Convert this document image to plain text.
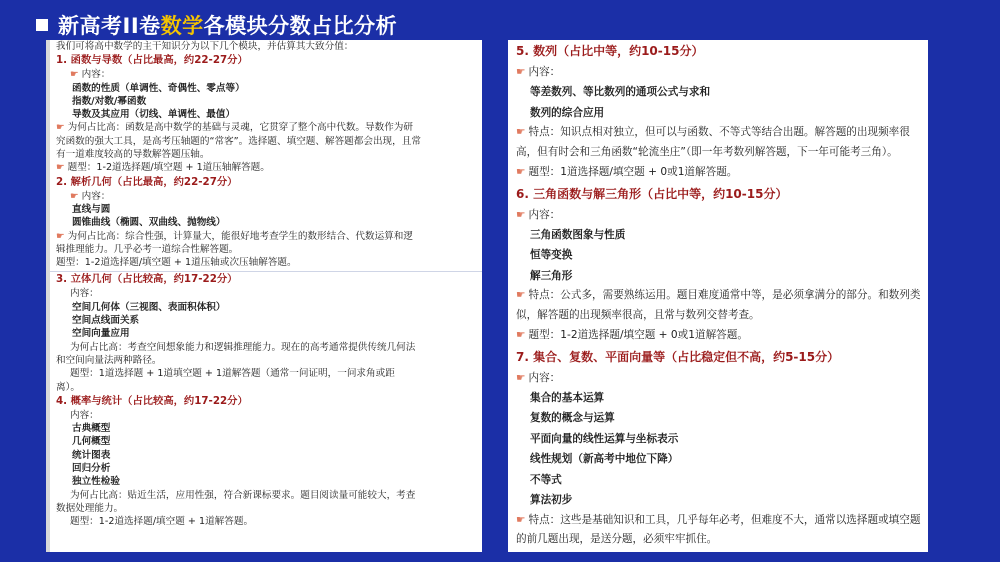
新高考II卷数学各模块分数占比分析
我们可将高中数学的主干知识分为以下几个模块，并估算其大致分值：
1. 函数与导数（占比最高，约22-27分）
☛ 内容：
函数的性质（单调性、奇偶性、零点等）
指数/对数/幂函数
导数及其应用（切线、单调性、最值）
☛ 为何占比高：函数是高中数学的基础与灵魂，它贯穿了整个高中代数。导数作为研
究函数的强大工具，是高考压轴题的“常客”。选择题、填空题、解答题都会出现，且常
有一道难度较高的导数解答题压轴。
☛ 题型：1-2道选择题/填空题 + 1道压轴解答题。
2. 解析几何（占比最高，约22-27分）
☛ 内容：
直线与圆
圆锥曲线（椭圆、双曲线、抛物线）
☛ 为何占比高：综合性强，计算量大，能很好地考查学生的数形结合、代数运算和逻
辑推理能力。几乎必考一道综合性解答题。
题型：1-2道选择题/填空题 + 1道压轴或次压轴解答题。
3. 立体几何（占比较高，约17-22分）
内容：
空间几何体（三视图、表面积体积）
空间点线面关系
空间向量应用
为何占比高：考查空间想象能力和逻辑推理能力。现在的高考通常提供传统几何法
和空间向量法两种路径。
题型：1道选择题 + 1道填空题 + 1道解答题（通常一问证明，一问求角或距
离）。
4. 概率与统计（占比较高，约17-22分）
内容：
古典概型
几何概型
统计图表
回归分析
独立性检验
为何占比高：贴近生活，应用性强，符合新课标要求。题目阅读量可能较大，考查
数据处理能力。
题型：1-2道选择题/填空题 + 1道解答题。
5. 数列（占比中等，约10-15分）
☛ 内容：
等差数列、等比数列的通项公式与求和
数列的综合应用
☛ 特点：知识点相对独立，但可以与函数、不等式等结合出题。解答题的出现频率很高，但有时会和三角函数“轮流坐庄”（即一年考数列解答题，下一年可能考三角）。
☛ 题型：1道选择题/填空题 + 0或1道解答题。
6. 三角函数与解三角形（占比中等，约10-15分）
☛ 内容：
三角函数图象与性质
恒等变换
解三角形
☛ 特点：公式多，需要熟练运用。题目难度通常中等，是必须拿满分的部分。和数列类似，解答题的出现频率很高，且常与数列交替考查。
☛ 题型：1-2道选择题/填空题 + 0或1道解答题。
7. 集合、复数、平面向量等（占比稳定但不高，约5-15分）
☛ 内容：
集合的基本运算
复数的概念与运算
平面向量的线性运算与坐标表示
线性规划（新高考中地位下降）
不等式
算法初步
☛ 特点：这些是基础知识和工具，几乎每年必考，但难度不大，通常以选择题或填空题的前几题出现，是送分题，必须牢牢抓住。
